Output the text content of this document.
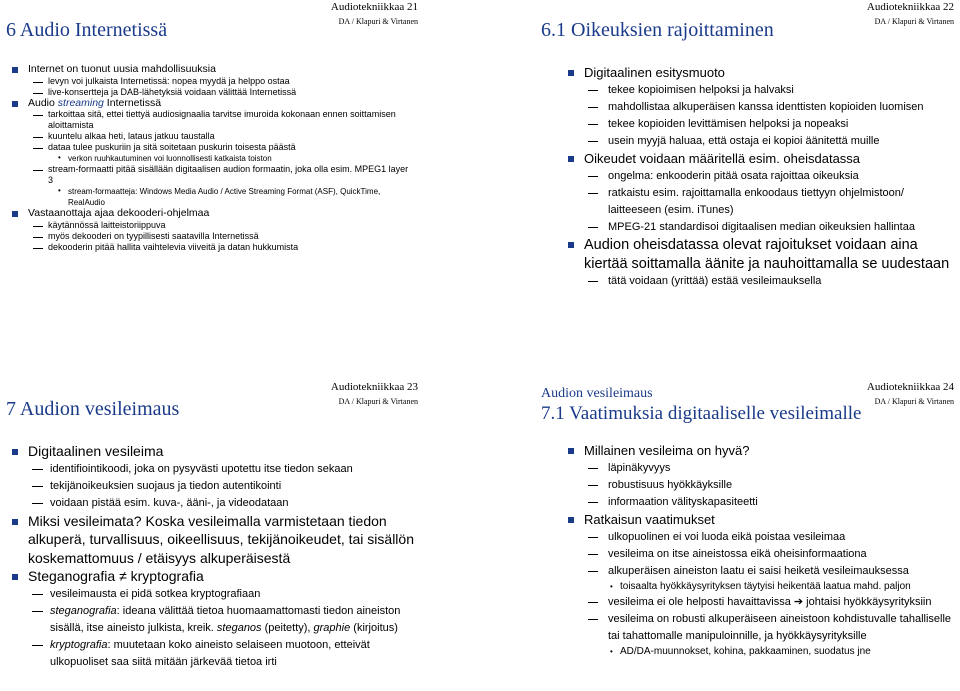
Audiotekniikkaa 21
DA / Klapuri & Virtanen
6 Audio Internetissä
Internet on tuonut uusia mahdollisuuksia
levyn voi julkaista Internetissä: nopea myydä ja helppo ostaa
live-konsertteja ja DAB-lähetyksiä voidaan välittää Internetissä
Audio streaming Internetissä
tarkoittaa sitä, ettei tiettyä audiosignaalia tarvitse imuroida kokonaan ennen soittamisen aloittamista
kuuntelu alkaa heti, lataus jatkuu taustalla
dataa tulee puskuriin ja sitä soitetaan puskurin toisesta päästä
• verkon ruuhkautuminen voi luonnollisesti katkaista toiston
stream-formaatti pitää sisällään digitaalisen audion formaatin, joka olla esim. MPEG1 layer 3
• stream-formaatteja: Windows Media Audio / Active Streaming Format (ASF), QuickTime, RealAudio
Vastaanottaja ajaa dekooderi-ohjelmaa
käytännössä laitteistoriippuva
myös dekooderi on tyypillisesti saatavilla Internetissä
dekooderin pitää hallita vaihtelevia viiveitä ja datan hukkumista
Audiotekniikkaa 22
DA / Klapuri & Virtanen
6.1 Oikeuksien rajoittaminen
Digitaalinen esitysmuoto
tekee kopioimisen helpoksi ja halvaksi
mahdollistaa alkuperäisen kanssa identtisten kopioiden luomisen
tekee kopioiden levittämisen helpoksi ja nopeaksi
usein myyjä haluaa, että ostaja ei kopioi äänitettä muille
Oikeudet voidaan määritellä esim. oheisdatassa
ongelma: enkooderin pitää osata rajoittaa oikeuksia
ratkaistu esim. rajoittamalla enkoodaus tiettyyn ohjelmistoon/ laitteeseen (esim. iTunes)
MPEG-21 standardisoi digitaalisen median oikeuksien hallintaa
Audion oheisdatassa olevat rajoitukset voidaan aina kiertää soittamalla äänite ja nauhoittamalla se uudestaan
tätä voidaan (yrittää) estää vesileimauksella
Audiotekniikkaa 23
DA / Klapuri & Virtanen
7 Audion vesileimaus
Digitaalinen vesileima
identifiointikoodi, joka on pysyvästi upotettu itse tiedon sekaan
tekijänoikeuksien suojaus ja tiedon autentikointi
voidaan pistää esim. kuva-, ääni-, ja videodataan
Miksi vesileimata? Koska vesileimalla varmistetaan tiedon alkuperä, turvallisuus, oikeellisuus, tekijänoikeudet, tai sisällön koskemattomuus / etäisyys alkuperäisestä
Steganografia ≠ kryptografia
vesileimausta ei pidä sotkea kryptografiaan
steganografia: ideana välittää tietoa huomaamattomasti tiedon aineiston sisällä, itse aineisto julkista, kreik. steganos (peitetty), graphie (kirjoitus)
kryptografia: muutetaan koko aineisto selaiseen muotoon, etteivät ulkopuoliset saa siitä mitään järkevää tietoa irti
Audiotekniikkaa 24
DA / Klapuri & Virtanen
Audion vesileimaus
7.1 Vaatimuksia digitaaliselle vesileimalle
Millainen vesileima on hyvä?
läpinäkyvyys
robustisuus hyökkäyksille
informaation välityskapasiteetti
Ratkaisun vaatimukset
ulkopuolinen ei voi luoda eikä poistaa vesileimaa
vesileima on itse aineistossa eikä oheisinformaationa
alkuperäisen aineiston laatu ei saisi heiketä vesileimauksessa
• toisaalta hyökkäysyrityksen täytyisi heikentää laatua mahd. paljon
vesileima ei ole helposti havaittavissa ➔ johtaisi hyökkäysyrityksiin
vesileima on robusti alkuperäiseen aineistoon kohdistuvalle tahalliselle tai tahattomalle manipuloinnille, ja hyökkäysyrityksille
• AD/DA-muunnokset, kohina, pakkaaminen, suodatus jne
